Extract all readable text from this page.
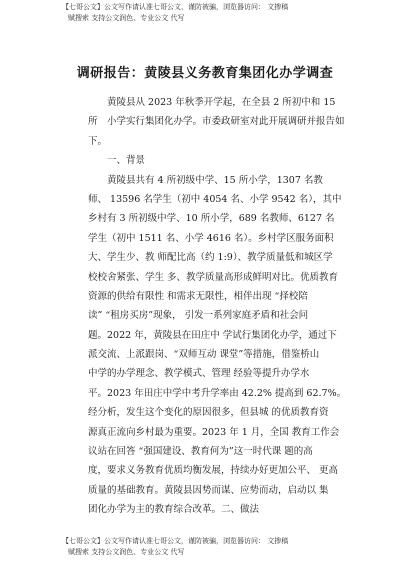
【七哥公文】公文写作请认准七哥公文，谨防被骗，浏览器访问： 文掺稿
赋搜索 支持公文润色、专业公文 代写
调研报告：黄陵县义务教育集团化办学调查
　　黄陵县从 2023 年秋季开学起，在全县 2 所初中和 15
所　小学实行集团化办学。市委政研室对此开展调研并报告如
下。
　　一、背景
　　黄陵县共有 4 所初级中学、15 所小学，1307 名教
师、 13596 名学生（初中 4054 名、小学 9542 名），其中
乡村有 3 所初级中学、10 所小学，689 名教师、6127 名
学生（初中 1511 名、小学 4616 名）。乡村学区服务面积
大、学生少、教 师配比高（约 1:9）、教学质量低和城区学
校校舍紧张、学生 多、教学质量高形成鲜明对比。优质教育
资源的供给有限性 和需求无限性，相伴出现 “择校陪
读” “租房买房”现象， 引发一系列家庭矛盾和社会问
题。2022 年，黄陵县在田庄中 学试行集团化办学，通过下
派交流、上派跟岗、“双师互动 课堂”等措施，借鉴桥山
中学的办学理念、教学模式、管理 经验等提升办学水
平。2023 年田庄中学中考升学率由 42.2% 提高到 62.7%。
经分析，发生这个变化的原因很多，但县城 的优质教育资
源真正流向乡村最为重要。2023 年 1 月，全国 教育工作会
议站在回答 “强国建设、教育何为”这一时代课 题的高
度，要求义务教育优质均衡发展，持续办好更加公平、 更高
质量的基础教育。黄陵县因势而谋、应势而动，启动以 集
团化办学为主的教育综合改革。二、做法
【七哥公文】公文写作请认准七哥公文，谨防被骗，浏览器访问： 文掺稿
赋搜索 支持公文润色、专业公文 代写
